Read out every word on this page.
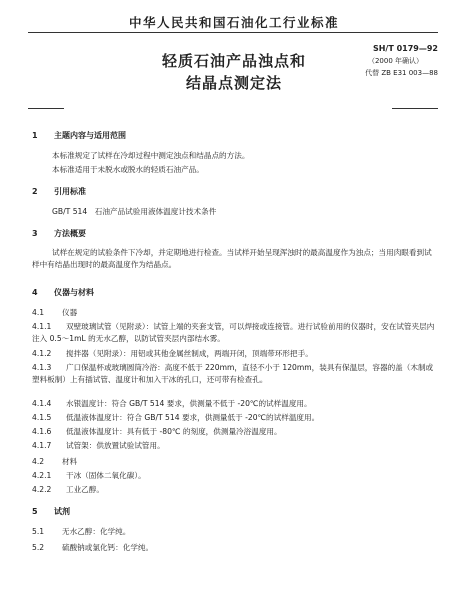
中华人民共和国石油化工行业标准
轻质石油产品浊点和
结晶点测定法
SH/T 0179—92
（2000 年确认）
代替 ZB E31 003—88
1 主题内容与适用范围
本标准规定了试样在冷却过程中测定浊点和结晶点的方法。
本标准适用于未脱水或脱水的轻质石油产品。
2 引用标准
GB/T 514　石油产品试验用液体温度计技术条件
3 方法概要
试样在规定的试验条件下冷却，并定期地进行检查。当试样开始呈现浑浊时的最高温度作为浊点；当用肉眼看到试样中有结晶出现时的最高温度作为结晶点。
4 仪器与材料
4.1 仪器
4.1.1 双壁玻璃试管（见附录）：试管上端的夹套支管，可以焊接或连接管。进行试验前用的仪器时，安在试管夹层内注入 0.5～1mL 的无水乙醇，以防试管夹层内部结水雾。
4.1.2 搅拌器（见附录）：用铝或其他金属丝制成，两端开闭，顶端带环形把手。
4.1.3 广口保温杯或玻璃圆筒冷浴：高度不低于 220mm，直径不小于 120mm，装具有保温层，容器的盖（木制或塑料板制）上有插试管、温度计和加入干冰的孔口，还可带有检查孔。
4.1.4 水银温度计：符合 GB/T 514 要求，供测量不低于 -20℃的试样温度用。
4.1.5 低温液体温度计：符合 GB/T 514 要求，供测量低于 -20℃的试样温度用。
4.1.6 低温液体温度计：具有低于 -80℃ 的刻度，供测量冷浴温度用。
4.1.7 试管架：供放置试验试管用。
4.2 材料
4.2.1 干冰（固体二氧化碳）。
4.2.2 工业乙醇。
5 试剂
5.1 无水乙醇：化学纯。
5.2 硫酸钠或氯化钙：化学纯。
